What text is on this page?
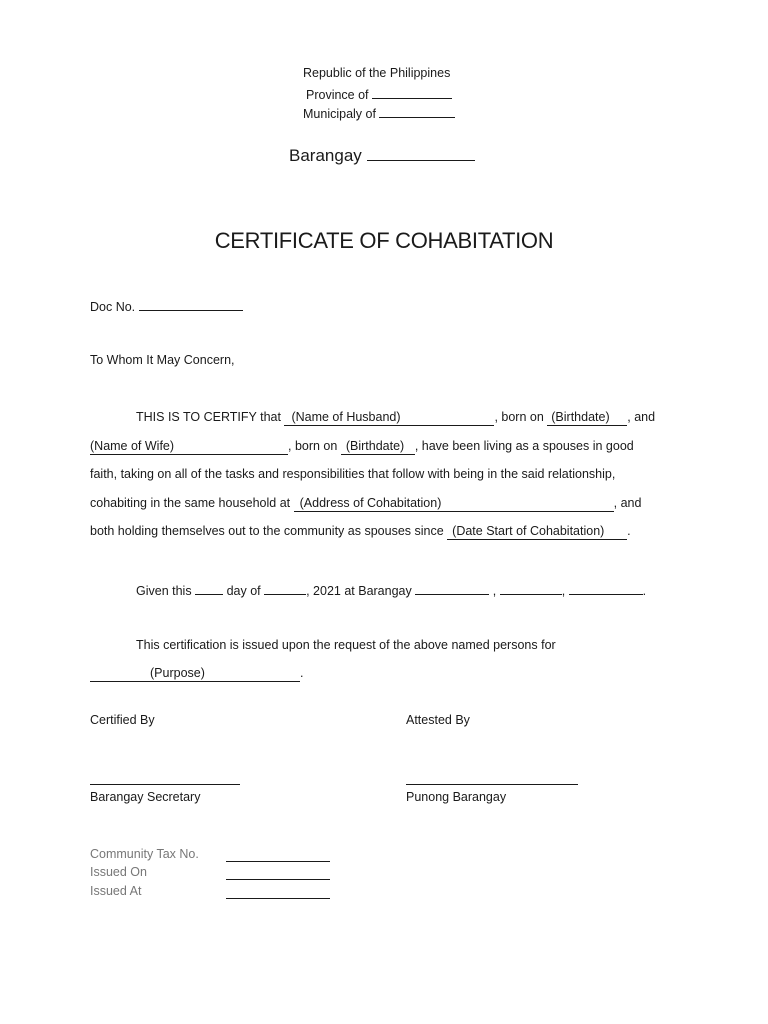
Republic of the Philippines
Province of
Municipaly of
Barangay
CERTIFICATE OF COHABITATION
Doc No.
To Whom It May Concern,
THIS IS TO CERTIFY that (Name of Husband)	, born on (Birthdate) , and
(Name of Wife)	, born on (Birthdate) , have been living as a spouses in good
faith, taking on all of the tasks and responsibilities that follow with being in the said relationship,
cohabiting in the same household at (Address of Cohabitation)	, and
both holding themselves out to the community as spouses since (Date Start of Cohabitation) .
Given this	day of	, 2021 at Barangay	,	,	.
This certification is issued upon the request of the above named persons for
(Purpose)	.
Certified By	Attested By
Barangay Secretary	Punong Barangay
Community Tax No.
Issued On
Issued At
